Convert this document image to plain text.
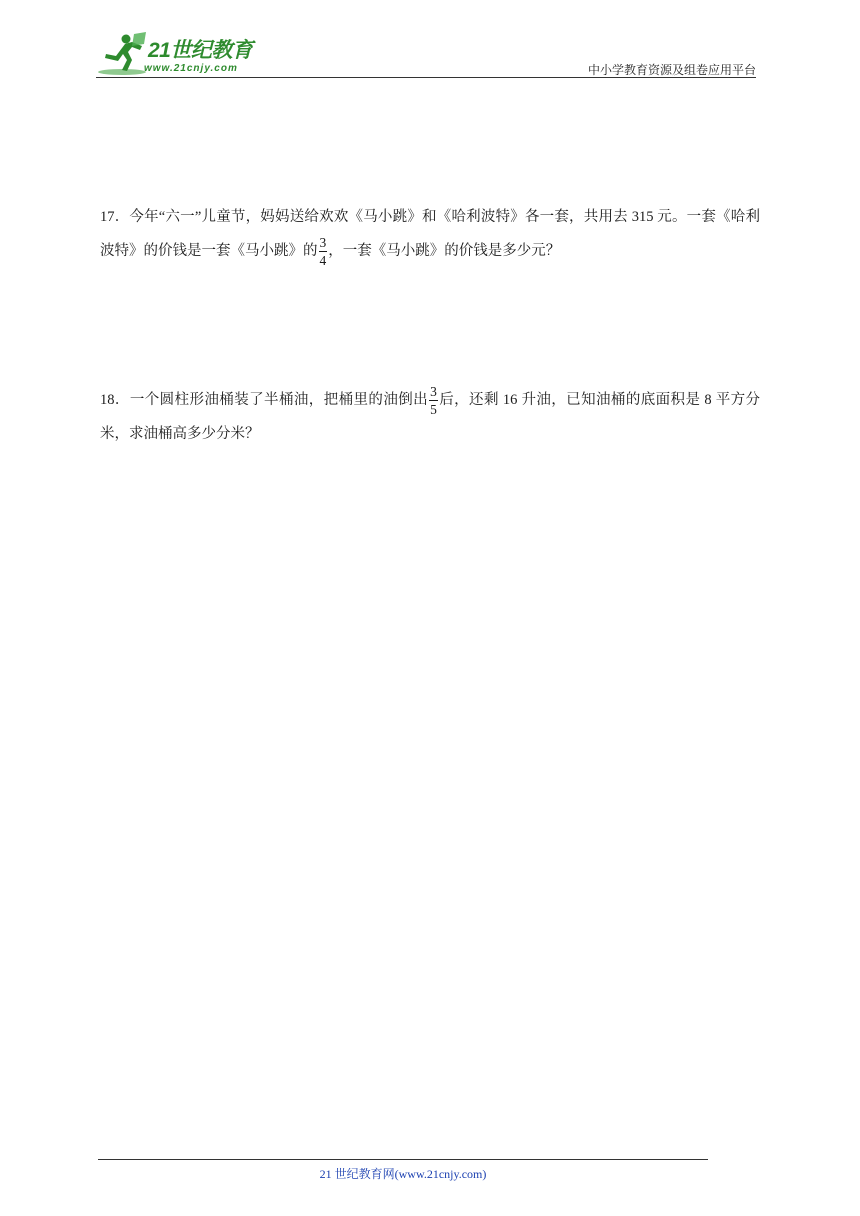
21世纪教育
www.21cnjy.com	中小学教育资源及组卷应用平台
17．今年“六一”儿童节，妈妈送给欢欢《马小跳》和《哈利波特》各一套，共用去 315 元。一套《哈利波特》的价钱是一套《马小跳》的 $\frac{3}{4}$ ，一套《马小跳》的价钱是多少元？
18．一个圆柱形油桶装了半桶油，把桶里的油倒出 $\frac{3}{5}$ 后，还剩 16 升油，已知油桶的底面积是 8 平方分米，求油桶高多少分米？
21 世纪教育网(www.21cnjy.com)
